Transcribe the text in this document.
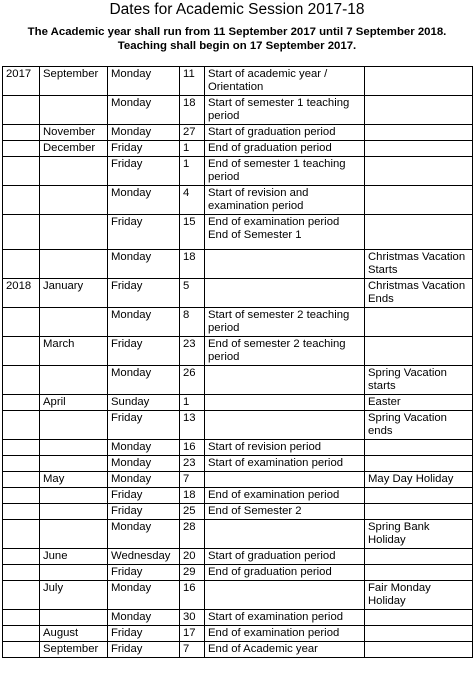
Dates for Academic Session 2017-18
The Academic year shall run from 11 September 2017 until 7 September 2018.
Teaching shall begin on 17 September 2017.
2017	September	Monday	11	Start of academic year /
Orientation	
		Monday	18	Start of semester 1 teaching
period	
	November	Monday	27	Start of graduation period	
	December	Friday	1	End of graduation period	
		Friday	1	End of semester 1 teaching
period	
		Monday	4	Start of revision and
examination period	
		Friday	15	End of examination period
End of Semester 1	
		Monday	18		Christmas Vacation
Starts
2018	January	Friday	5		Christmas Vacation
Ends
		Monday	8	Start of semester 2 teaching
period	
	March	Friday	23	End of semester 2 teaching
period	
		Monday	26		Spring Vacation
starts
	April	Sunday	1		Easter
		Friday	13		Spring Vacation
ends
		Monday	16	Start of revision period	
		Monday	23	Start of examination period	
	May	Monday	7		May Day Holiday
		Friday	18	End of examination period	
		Friday	25	End of Semester 2	
		Monday	28		Spring Bank
Holiday
	June	Wednesday	20	Start of graduation period	
		Friday	29	End of graduation period	
	July	Monday	16		Fair Monday
Holiday
		Monday	30	Start of examination period	
	August	Friday	17	End of examination period	
	September	Friday	7	End of Academic year	
